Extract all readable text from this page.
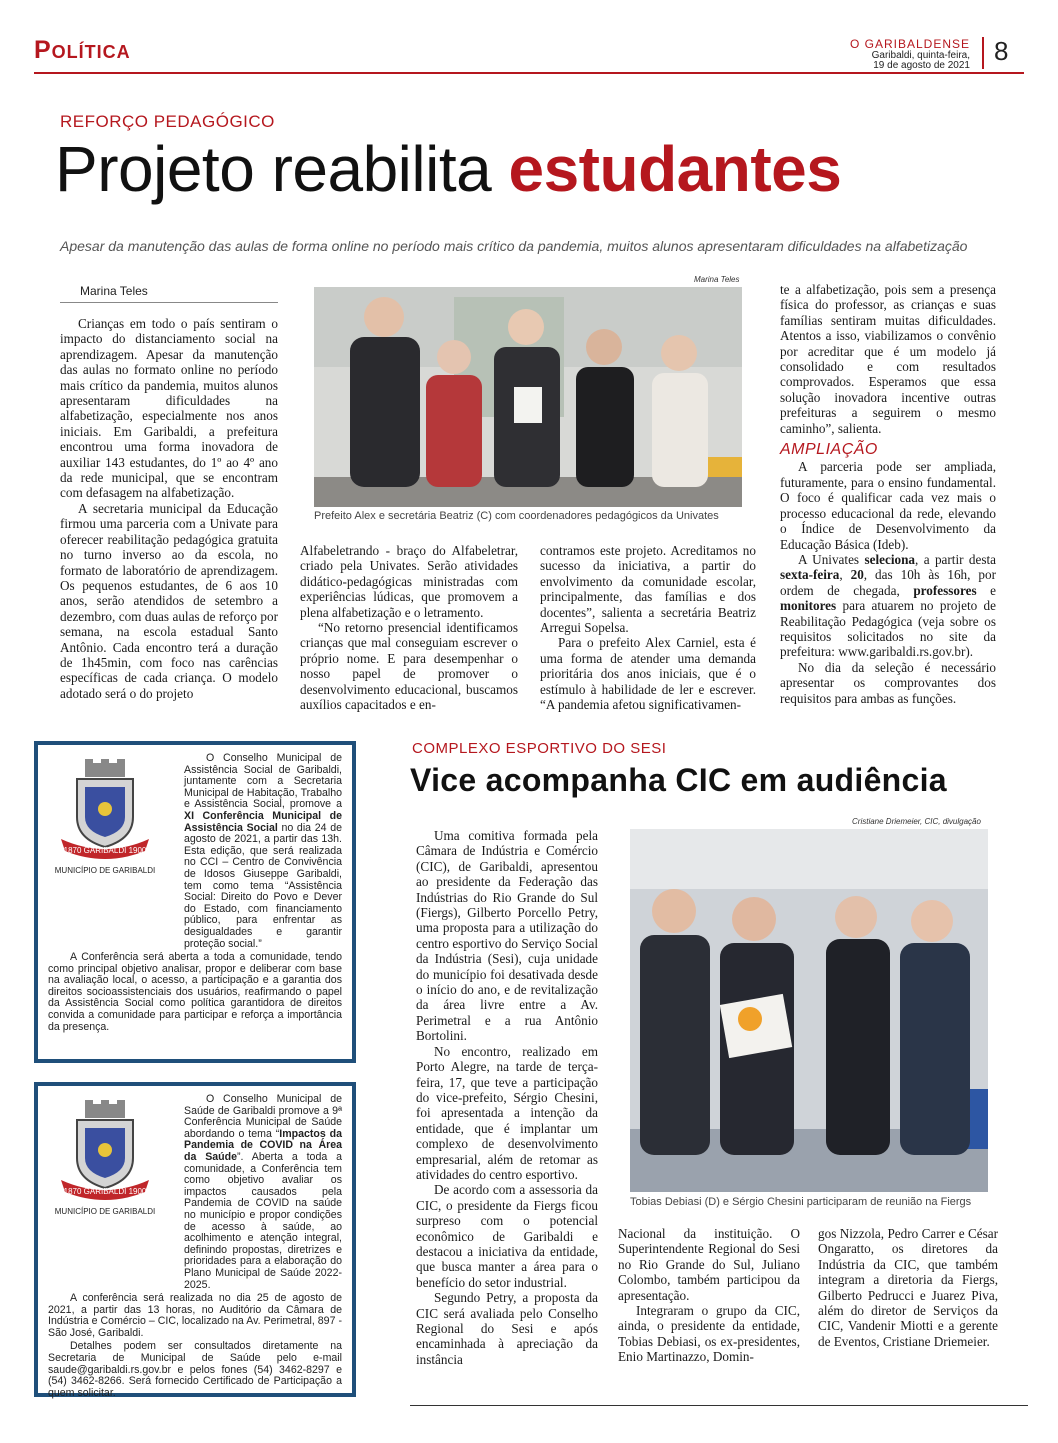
Política	O GARIBALDENSE
Garibaldi, quinta-feira,
19 de agosto de 2021 8
REFORÇO PEDAGÓGICO
Projeto reabilita estudantes
Apesar da manutenção das aulas de forma online no período mais crítico da pandemia, muitos alunos apresentaram dificuldades na alfabetização
Marina Teles

Crianças em todo o país sentiram o impacto do distanciamento social na aprendizagem. Apesar da manutenção das aulas no formato online no período mais crítico da pandemia, muitos alunos apresentaram dificuldades na alfabetização, especialmente nos anos iniciais. Em Garibaldi, a prefeitura encontrou uma forma inovadora de auxiliar 143 estudantes, do 1º ao 4º ano da rede municipal, que se encontram com defasagem na alfabetização.

A secretaria municipal da Educação firmou uma parceria com a Univate para oferecer reabilitação pedagógica gratuita no turno inverso ao da escola, no formato de laboratório de aprendizagem. Os pequenos estudantes, de 6 aos 10 anos, serão atendidos de setembro a dezembro, com duas aulas de reforço por semana, na escola estadual Santo Antônio. Cada encontro terá a duração de 1h45min, com foco nas carências específicas de cada criança. O modelo adotado será o do projeto

Marina Teles
Prefeito Alex e secretária Beatriz (C) com coordenadores pedagógicos da Univates

Alfabeletrando - braço do Alfabeletrar, criado pela Univates. Serão atividades didático-pedagógicas ministradas com experiências lúdicas, que promovem a plena alfabetização e o letramento.

“No retorno presencial identificamos crianças que mal conseguiam escrever o próprio nome. E para desempenhar o nosso papel de promover o desenvolvimento educacional, buscamos auxílios capacitados e en-

contramos este projeto. Acreditamos no sucesso da iniciativa, a partir do envolvimento da comunidade escolar, principalmente, das famílias e dos docentes”, salienta a secretária Beatriz Arregui Sopelsa.

Para o prefeito Alex Carniel, esta é uma forma de atender uma demanda prioritária dos anos iniciais, que é o estímulo à habilidade de ler e escrever. “A pandemia afetou significativamen-

te a alfabetização, pois sem a presença física do professor, as crianças e suas famílias sentiram muitas dificuldades. Atentos a isso, viabilizamos o convênio por acreditar que é um modelo já consolidado e com resultados comprovados. Esperamos que essa solução inovadora incentive outras prefeituras a seguirem o mesmo caminho”, salienta.

AMPLIAÇÃO

A parceria pode ser ampliada, futuramente, para o ensino fundamental. O foco é qualificar cada vez mais o processo educacional da rede, elevando o Índice de Desenvolvimento da Educação Básica (Ideb).

A Univates seleciona, a partir desta sexta-feira, 20, das 10h às 16h, por ordem de chegada, professores e monitores para atuarem no projeto de Reabilitação Pedagógica (veja sobre os requisitos solicitados no site da prefeitura: www.garibaldi.rs.gov.br).

No dia da seleção é necessário apresentar os comprovantes dos requisitos para ambas as funções.

1870 GARIBALDI 1900
MUNICÍPIO DE GARIBALDI

O Conselho Municipal de Assistência Social de Garibaldi, juntamente com a Secretaria Municipal de Habitação, Trabalho e Assistência Social, promove a XI Conferência Municipal de Assistência Social no dia 24 de agosto de 2021, a partir das 13h. Esta edição, que será realizada no CCI – Centro de Convivência de Idosos Giuseppe Garibaldi, tem como tema “Assistência Social: Direito do Povo e Dever do Estado, com financiamento público, para enfrentar as desigualdades e garantir proteção social.”

A Conferência será aberta a toda a comunidade, tendo como principal objetivo analisar, propor e deliberar com base na avaliação local, o acesso, a participação e a garantia dos direitos socioassistenciais dos usuários, reafirmando o papel da Assistência Social como política garantidora de direitos convida a comunidade para participar e reforça a importância da presença.

1870 GARIBALDI 1900
MUNICÍPIO DE GARIBALDI

O Conselho Municipal de Saúde de Garibaldi promove a 9ª Conferência Municipal de Saúde abordando o tema “Impactos da Pandemia de COVID na Área da Saúde”. Aberta a toda a comunidade, a Conferência tem como objetivo avaliar os impactos causados pela Pandemia de COVID na saúde no município e propor condições de acesso à saúde, ao acolhimento e atenção integral, definindo propostas, diretrizes e prioridades para a elaboração do Plano Municipal de Saúde 2022-2025.

A conferência será realizada no dia 25 de agosto de 2021, a partir das 13 horas, no Auditório da Câmara de Indústria e Comércio – CIC, localizado na Av. Perimetral, 897 - São José, Garibaldi.

Detalhes podem ser consultados diretamente na Secretaria de Municipal de Saúde pelo e-mail saude@garibaldi.rs.gov.br e pelos fones (54) 3462-8297 e (54) 3462-8266. Será fornecido Certificado de Participação a quem solicitar.

COMPLEXO ESPORTIVO DO SESI
Vice acompanha CIC em audiência

Uma comitiva formada pela Câmara de Indústria e Comércio (CIC), de Garibaldi, apresentou ao presidente da Federação das Indústrias do Rio Grande do Sul (Fiergs), Gilberto Porcello Petry, uma proposta para a utilização do centro esportivo do Serviço Social da Indústria (Sesi), cuja unidade do município foi desativada desde o início do ano, e de revitalização da área livre entre a Av. Perimetral e a rua Antônio Bortolini.

No encontro, realizado em Porto Alegre, na tarde de terça-feira, 17, que teve a participação do vice-prefeito, Sérgio Chesini, foi apresentada a intenção da entidade, que é implantar um complexo de desenvolvimento empresarial, além de retomar as atividades do centro esportivo.

De acordo com a assessoria da CIC, o presidente da Fiergs ficou surpreso com o potencial econômico de Garibaldi e destacou a iniciativa da entidade, que busca manter a área para o benefício do setor industrial.

Segundo Petry, a proposta da CIC será avaliada pelo Conselho Regional do Sesi e após encaminhada à apreciação da instância

Cristiane Driemeier, CIC, divulgação
Tobias Debiasi (D) e Sérgio Chesini participaram de reunião na Fiergs

Nacional da instituição. O Superintendente Regional do Sesi no Rio Grande do Sul, Juliano Colombo, também participou da apresentação.

Integraram o grupo da CIC, ainda, o presidente da entidade, Tobias Debiasi, os ex-presidentes, Enio Martinazzo, Domin-

gos Nizzola, Pedro Carrer e César Ongaratto, os diretores da Indústria da CIC, que também integram a diretoria da Fiergs, Gilberto Pedrucci e Juarez Piva, além do diretor de Serviços da CIC, Vandenir Miotti e a gerente de Eventos, Cristiane Driemeier.
